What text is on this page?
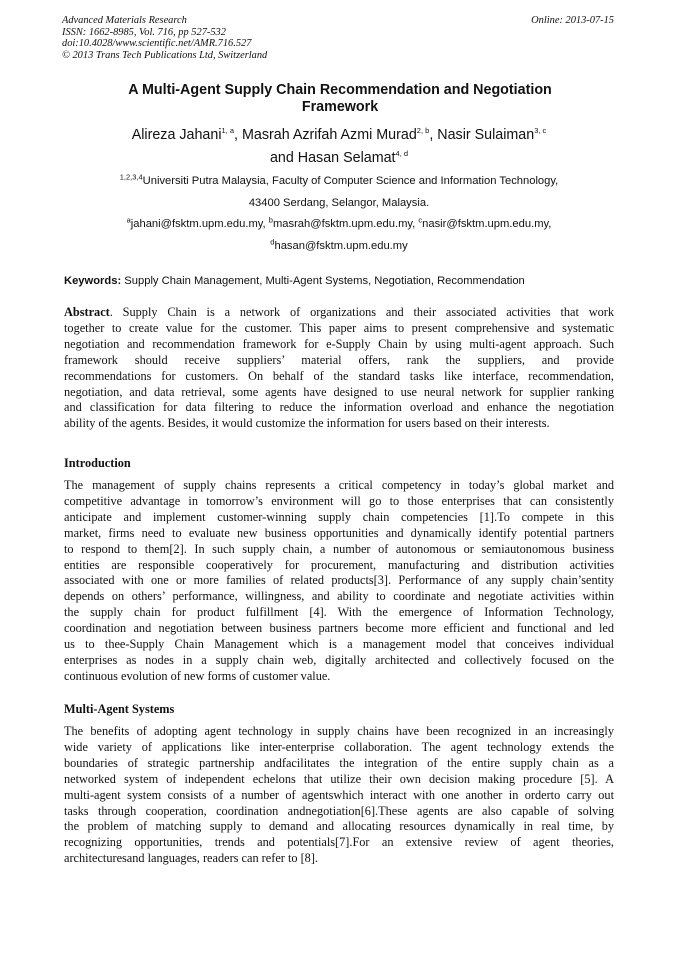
Advanced Materials Research
ISSN: 1662-8985, Vol. 716, pp 527-532
doi:10.4028/www.scientific.net/AMR.716.527
© 2013 Trans Tech Publications Ltd, Switzerland
Online: 2013-07-15
A Multi-Agent Supply Chain Recommendation and Negotiation
Framework
Alireza Jahani$^{1, a}$, Masrah Azrifah Azmi Murad$^{2, b}$, Nasir Sulaiman$^{3, c}$
and Hasan Selamat$^{4, d}$
$^{1,2,3,4}$Universiti Putra Malaysia, Faculty of Computer Science and Information Technology,
43400 Serdang, Selangor, Malaysia.
$^a$jahani@fsktm.upm.edu.my, $^b$masrah@fsktm.upm.edu.my, $^c$nasir@fsktm.upm.edu.my,
$^d$hasan@fsktm.upm.edu.my
Keywords: Supply Chain Management, Multi-Agent Systems, Negotiation, Recommendation
Abstract. Supply Chain is a network of organizations and their associated activities that work
together to create value for the customer. This paper aims to present comprehensive and systematic
negotiation and recommendation framework for e-Supply Chain by using multi-agent approach. Such
framework should receive suppliers’ material offers, rank the suppliers, and provide
recommendations for customers. On behalf of the standard tasks like interface, recommendation,
negotiation, and data retrieval, some agents have designed to use neural network for supplier ranking
and classification for data filtering to reduce the information overload and enhance the negotiation
ability of the agents. Besides, it would customize the information for users based on their interests.
Introduction
The management of supply chains represents a critical competency in today’s global market and
competitive advantage in tomorrow’s environment will go to those enterprises that can consistently
anticipate and implement customer-winning supply chain competencies [1].To compete in this
market, firms need to evaluate new business opportunities and dynamically identify potential partners
to respond to them[2]. In such supply chain, a number of autonomous or semiautonomous business
entities are responsible cooperatively for procurement, manufacturing and distribution activities
associated with one or more families of related products[3]. Performance of any supply chain’sentity
depends on others’ performance, willingness, and ability to coordinate and negotiate activities within
the supply chain for product fulfillment [4]. With the emergence of Information Technology,
coordination and negotiation between business partners become more efficient and functional and led
us to thee-Supply Chain Management which is a management model that conceives individual
enterprises as nodes in a supply chain web, digitally architected and collectively focused on the
continuous evolution of new forms of customer value.
Multi-Agent Systems
The benefits of adopting agent technology in supply chains have been recognized in an increasingly
wide variety of applications like inter-enterprise collaboration. The agent technology extends the
boundaries of strategic partnership andfacilitates the integration of the entire supply chain as a
networked system of independent echelons that utilize their own decision making procedure [5]. A
multi-agent system consists of a number of agentswhich interact with one another in orderto carry out
tasks through cooperation, coordination andnegotiation[6].These agents are also capable of solving
the problem of matching supply to demand and allocating resources dynamically in real time, by
recognizing opportunities, trends and potentials[7].For an extensive review of agent theories,
architecturesand languages, readers can refer to [8].
